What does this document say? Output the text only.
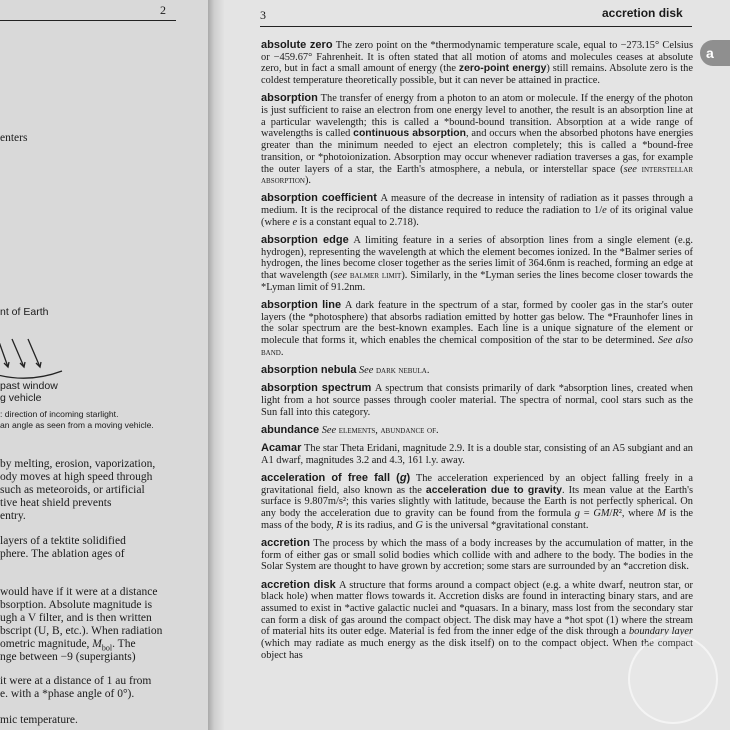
2
enters
nt of Earth
past window
g vehicle
: direction of incoming starlight.
an angle as seen from a moving vehicle.
by melting, erosion, vaporization,
ody moves at high speed through
such as meteoroids, or artificial
tive heat shield prevents
entry.
layers of a tektite solidified
phere. The ablation ages of
would have if it were at a distance
bsorption. Absolute magnitude is
ugh a V filter, and is then written
bscript (U, B, etc.). When radiation
ometric magnitude, $M_{bol}$. The
nge between −9 (supergiants)
it were at a distance of 1 au from
e. with a *phase angle of 0°).
mic temperature.
3	accretion disk
a
absolute zero The zero point on the *thermodynamic temperature scale, equal to −273.15° Celsius or −459.67° Fahrenheit. It is often stated that all motion of atoms and molecules ceases at absolute zero, but in fact a small amount of energy (the zero-point energy) still remains. Absolute zero is the coldest temperature theoretically possible, but it can never be attained in practice.
absorption The transfer of energy from a photon to an atom or molecule. If the energy of the photon is just sufficient to raise an electron from one energy level to another, the result is an absorption line at a particular wavelength; this is called a *bound-bound transition. Absorption at a wide range of wavelengths is called continuous absorption, and occurs when the absorbed photons have energies greater than the minimum needed to eject an electron completely; this is called a *bound-free transition, or *photoionization. Absorption may occur whenever radiation traverses a gas, for example the outer layers of a star, the Earth's atmosphere, a nebula, or interstellar space (see interstellar absorption).
absorption coefficient A measure of the decrease in intensity of radiation as it passes through a medium. It is the reciprocal of the distance required to reduce the radiation to 1/e of its original value (where e is a constant equal to 2.718).
absorption edge A limiting feature in a series of absorption lines from a single element (e.g. hydrogen), representing the wavelength at which the element becomes ionized. In the *Balmer series of hydrogen, the lines become closer together as the series limit of 364.6nm is reached, forming an edge at that wavelength (see balmer limit). Similarly, in the *Lyman series the lines become closer towards the *Lyman limit of 91.2nm.
absorption line A dark feature in the spectrum of a star, formed by cooler gas in the star's outer layers (the *photosphere) that absorbs radiation emitted by hotter gas below. The *Fraunhofer lines in the solar spectrum are the best-known examples. Each line is a unique signature of the element or molecule that forms it, which enables the chemical composition of the star to be determined. See also band.
absorption nebula See dark nebula.
absorption spectrum A spectrum that consists primarily of dark *absorption lines, created when light from a hot source passes through cooler material. The spectra of normal, cool stars such as the Sun fall into this category.
abundance See elements, abundance of.
Acamar The star Theta Eridani, magnitude 2.9. It is a double star, consisting of an A5 subgiant and an A1 dwarf, magnitudes 3.2 and 4.3, 161 l.y. away.
acceleration of free fall (g) The acceleration experienced by an object falling freely in a gravitational field, also known as the acceleration due to gravity. Its mean value at the Earth's surface is 9.807m/s²; this varies slightly with latitude, because the Earth is not perfectly spherical. On any body the acceleration due to gravity can be found from the formula g = GM/R², where M is the mass of the body, R is its radius, and G is the universal *gravitational constant.
accretion The process by which the mass of a body increases by the accumulation of matter, in the form of either gas or small solid bodies which collide with and adhere to the body. The bodies in the Solar System are thought to have grown by accretion; some stars are surrounded by an *accretion disk.
accretion disk A structure that forms around a compact object (e.g. a white dwarf, neutron star, or black hole) when matter flows towards it. Accretion disks are found in interacting binary stars, and are assumed to exist in *active galactic nuclei and *quasars. In a binary, mass lost from the secondary star can form a disk of gas around the compact object. The disk may have a *hot spot (1) where the stream of material hits its outer edge. Material is fed from the inner edge of the disk through a boundary layer (which may radiate as much energy as the disk itself) on to the compact object. When the compact object has
